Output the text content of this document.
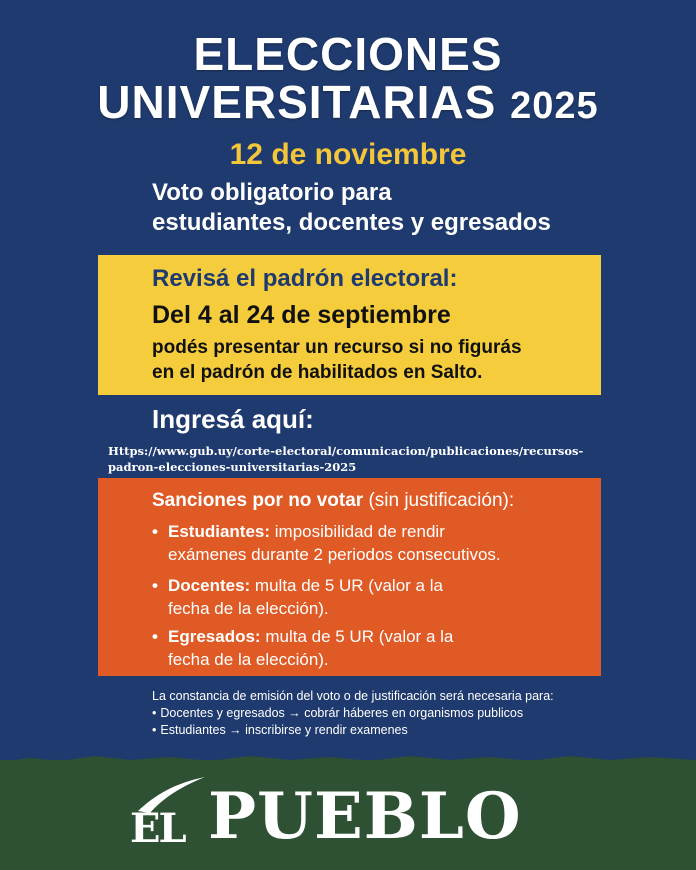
ELECCIONES
UNIVERSITARIAS 2025
12 de noviembre
Voto obligatorio para
estudiantes, docentes y egresados
Revisá el padrón electoral:
Del 4 al 24 de septiembre
podés presentar un recurso si no figurás
en el padrón de habilitados en Salto.
Ingresá aquí:
Https://www.gub.uy/corte-electoral/comunicacion/publicaciones/recursos-
padron-elecciones-universitarias-2025
Sanciones por no votar (sin justificación):
• Estudiantes: imposibilidad de rendir
exámenes durante 2 periodos consecutivos.
• Docentes: multa de 5 UR (valor a la
fecha de la elección).
• Egresados: multa de 5 UR (valor a la
fecha de la elección).
La constancia de emisión del voto o de justificación será necesaria para:
• Docentes y egresados → cobrár háberes en organismos publicos
• Estudiantes → inscribirse y rendir examenes
EL PUEBLO
